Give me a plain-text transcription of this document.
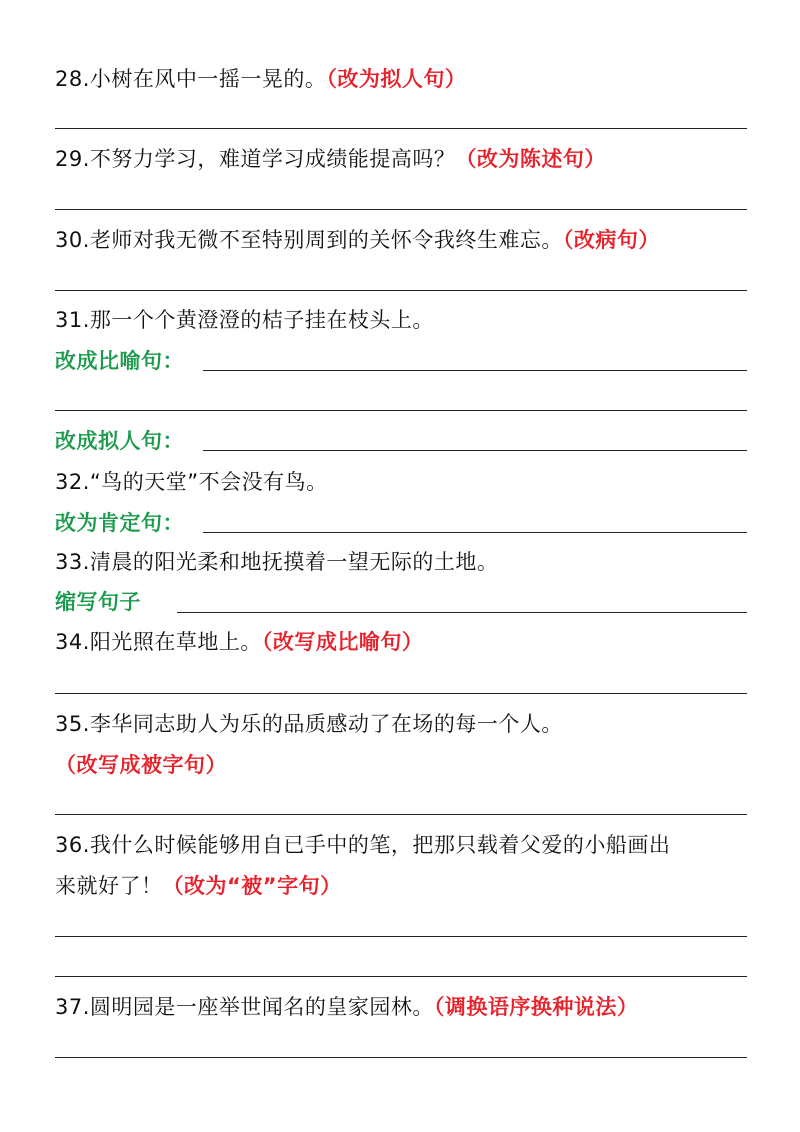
28.小树在风中一摇一晃的。（改为拟人句）
29.不努力学习，难道学习成绩能提高吗？（改为陈述句）
30.老师对我无微不至特别周到的关怀令我终生难忘。（改病句）
31.那一个个黄澄澄的桔子挂在枝头上。
改成比喻句：
改成拟人句：
32.“鸟的天堂”不会没有鸟。
改为肯定句：
33.清晨的阳光柔和地抚摸着一望无际的土地。
缩写句子
34.阳光照在草地上。（改写成比喻句）
35.李华同志助人为乐的品质感动了在场的每一个人。
（改写成被字句）
36.我什么时候能够用自已手中的笔，把那只载着父爱的小船画出
来就好了！（改为“被”字句）
37.圆明园是一座举世闻名的皇家园林。（调换语序换种说法）
